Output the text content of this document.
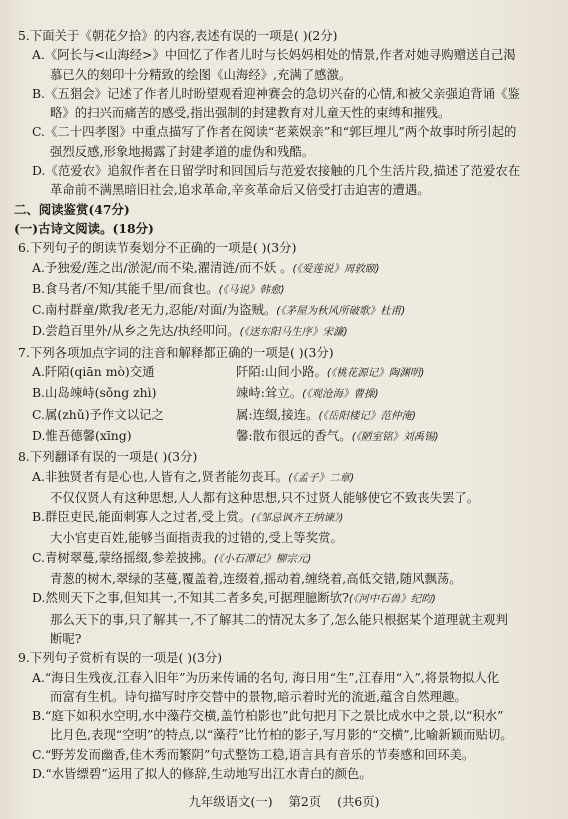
5.下面关于《朝花夕拾》的内容,表述有误的一项是( )(2分)
A.《阿长与<山海经>》中回忆了作者儿时与长妈妈相处的情景,作者对她寻购赠送自己渴
慕已久的刻印十分精致的绘图《山海经》,充满了感激。
B.《五猖会》记述了作者儿时盼望观看迎神赛会的急切兴奋的心情,和被父亲强迫背诵《鉴
略》的扫兴而痛苦的感受,指出强制的封建教育对儿童天性的束缚和摧残。
C.《二十四孝图》中重点描写了作者在阅读“老莱娱亲”和“郭巨埋儿”两个故事时所引起的
强烈反感,形象地揭露了封建孝道的虚伪和残酷。
D.《范爱农》追叙作者在日留学时和回国后与范爱农接触的几个生活片段,描述了范爱农在
革命前不满黑暗旧社会,追求革命,辛亥革命后又倍受打击迫害的遭遇。
二、阅读鉴赏(47分)
(一)古诗文阅读。(18分)
6.下列句子的朗读节奏划分不正确的一项是( )(3分)
A.予独爱/莲之出/淤泥/而不染,濯清涟/而不妖 。(《爱莲说》周敦颐)
B.食马者/不知/其能千里/而食也。(《马说》韩愈)
C.南村群童/欺我/老无力,忍能/对面/为盗贼。(《茅屋为秋风所破歌》杜甫)
D.尝趋百里外/从乡之先达/执经叩问。(《送东阳马生序》宋濂)
7.下列各项加点字词的注音和解释都正确的一项是( )(3分)
A.阡陌(qiān mò)交通	阡陌:山间小路。(《桃花源记》陶渊明)
B.山岛竦峙(sǒng zhì)	竦峙:耸立。(《观沧海》曹操)
C.属(zhǔ)予作文以记之	属:连缀,接连。(《岳阳楼记》范仲淹)
D.惟吾德馨(xīng)	馨:散布很远的香气。(《陋室铭》刘禹锡)
8.下列翻译有误的一项是( )(3分)
A.非独贤者有是心也,人皆有之,贤者能勿丧耳。(《孟子》二章)
不仅仅贤人有这种思想,人人都有这种思想,只不过贤人能够使它不致丧失罢了。
B.群臣吏民,能面刺寡人之过者,受上赏。(《邹忌讽齐王纳谏》)
大小官吏百姓,能够当面指责我的过错的,受上等奖赏。
C.青树翠蔓,蒙络摇缀,参差披拂。(《小石潭记》柳宗元)
青葱的树木,翠绿的茎蔓,覆盖着,连缀着,摇动着,缠绕着,高低交错,随风飘荡。
D.然则天下之事,但知其一,不知其二者多矣,可据理臆断欤?(《河中石兽》纪昀)
那么天下的事,只了解其一,不了解其二的情况太多了,怎么能只根据某个道理就主观判
断呢?
9.下列句子赏析有误的一项是( )(3分)
A.“海日生残夜,江春入旧年”为历来传诵的名句, 海日用“生”,江春用“入”,将景物拟人化
而富有生机。诗句描写时序交替中的景物,暗示着时光的流逝,蕴含自然理趣。
B.“庭下如积水空明,水中藻荇交横,盖竹柏影也”此句把月下之景比成水中之景,以“积水”
比月色,表现“空明”的特点,以“藻荇”比竹柏的影子,写月影的“交横”,比喻新颖而贴切。
C.“野芳发而幽香,佳木秀而繁阴”句式整饬工稳,语言具有音乐的节奏感和回环美。
D.“水皆缥碧”运用了拟人的修辞,生动地写出江水青白的颜色。
九年级语文(一) 第2页 (共6页)
